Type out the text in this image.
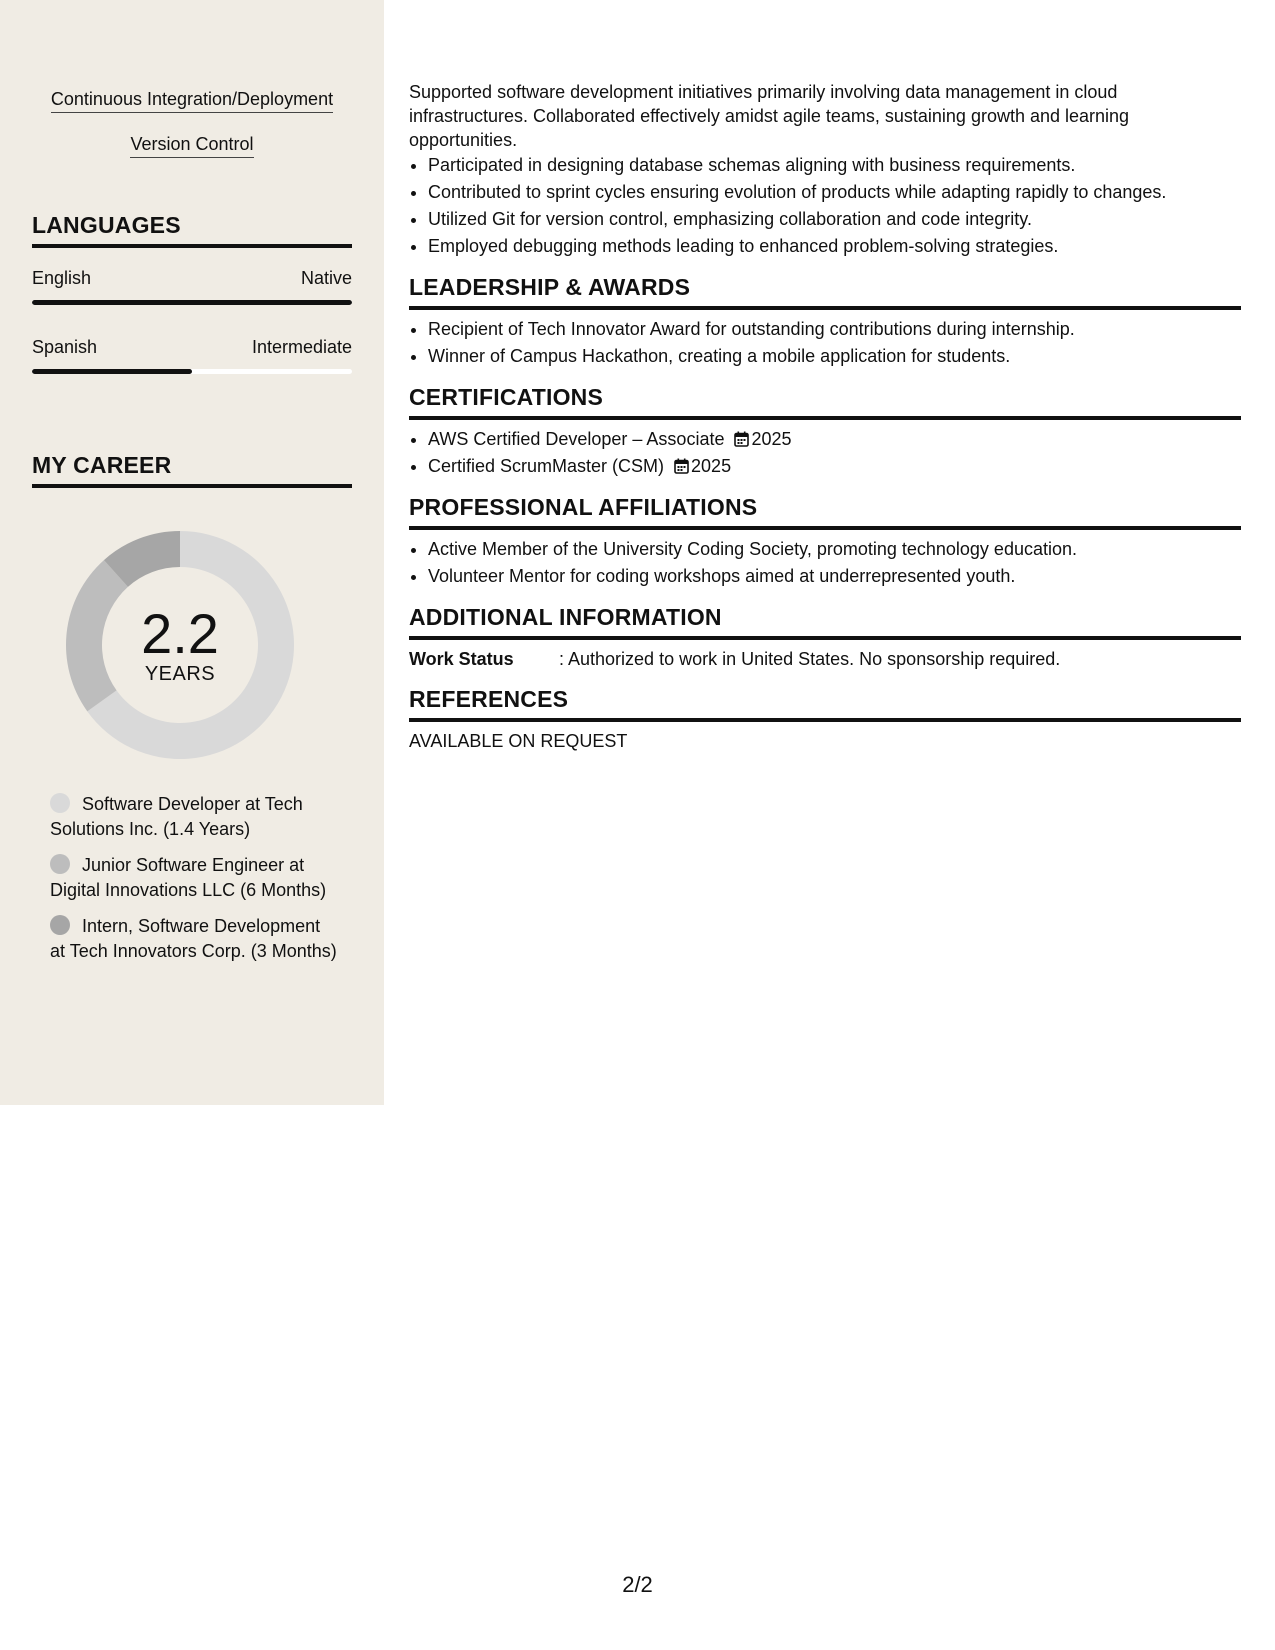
Continuous Integration/Deployment
Version Control
LANGUAGES
English	Native
Spanish	Intermediate
MY CAREER
2.2
YEARS
Software Developer at Tech Solutions Inc. (1.4 Years)
Junior Software Engineer at Digital Innovations LLC (6 Months)
Intern, Software Development at Tech Innovators Corp. (3 Months)

Supported software development initiatives primarily involving data management in cloud infrastructures. Collaborated effectively amidst agile teams, sustaining growth and learning opportunities.

• Participated in designing database schemas aligning with business requirements.
• Contributed to sprint cycles ensuring evolution of products while adapting rapidly to changes.
• Utilized Git for version control, emphasizing collaboration and code integrity.
• Employed debugging methods leading to enhanced problem-solving strategies.
LEADERSHIP & AWARDS
• Recipient of Tech Innovator Award for outstanding contributions during internship.
• Winner of Campus Hackathon, creating a mobile application for students.
CERTIFICATIONS
• AWS Certified Developer – Associate 2025
• Certified ScrumMaster (CSM) 2025
PROFESSIONAL AFFILIATIONS
• Active Member of the University Coding Society, promoting technology education.
• Volunteer Mentor for coding workshops aimed at underrepresented youth.
ADDITIONAL INFORMATION
Work Status	: Authorized to work in United States. No sponsorship required.
REFERENCES
AVAILABLE ON REQUEST
2/2
